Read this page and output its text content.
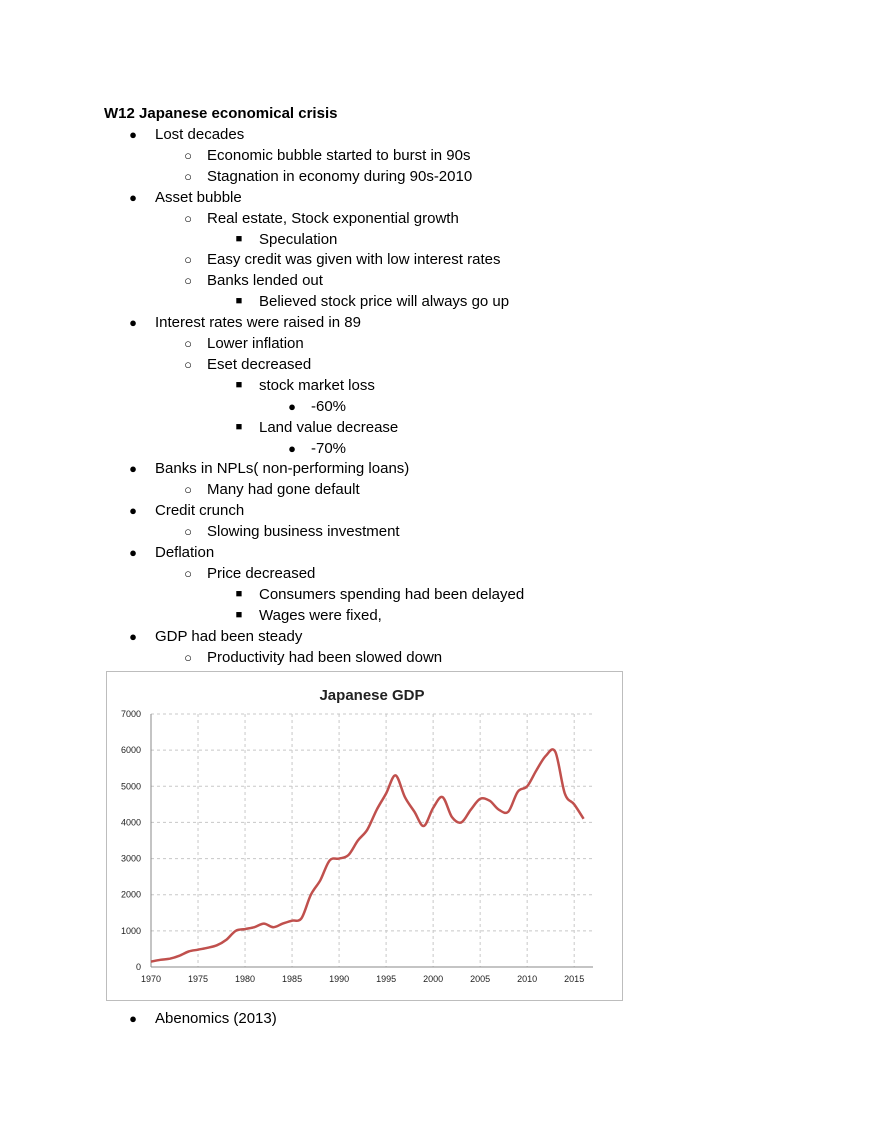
W12 Japanese economical crisis
● Lost decades
○ Economic bubble started to burst in 90s
○ Stagnation in economy during 90s-2010
● Asset bubble
○ Real estate, Stock exponential growth
■ Speculation
○ Easy credit was given with low interest rates
○ Banks lended out
■ Believed stock price will always go up
● Interest rates were raised in 89
○ Lower inflation
○ Eset decreased
■ stock market loss
● -60%
■ Land value decrease
● -70%
● Banks in NPLs( non-performing loans)
○ Many had gone default
● Credit crunch
○ Slowing business investment
● Deflation
○ Price decreased
■ Consumers spending had been delayed
■ Wages were fixed,
● GDP had been steady
○ Productivity had been slowed down
Japanese GDP
0
1000
2000
3000
4000
5000
6000
7000
1970	1975	1980	1985	1990	1995	2000	2005	2010	2015
● Abenomics (2013)
